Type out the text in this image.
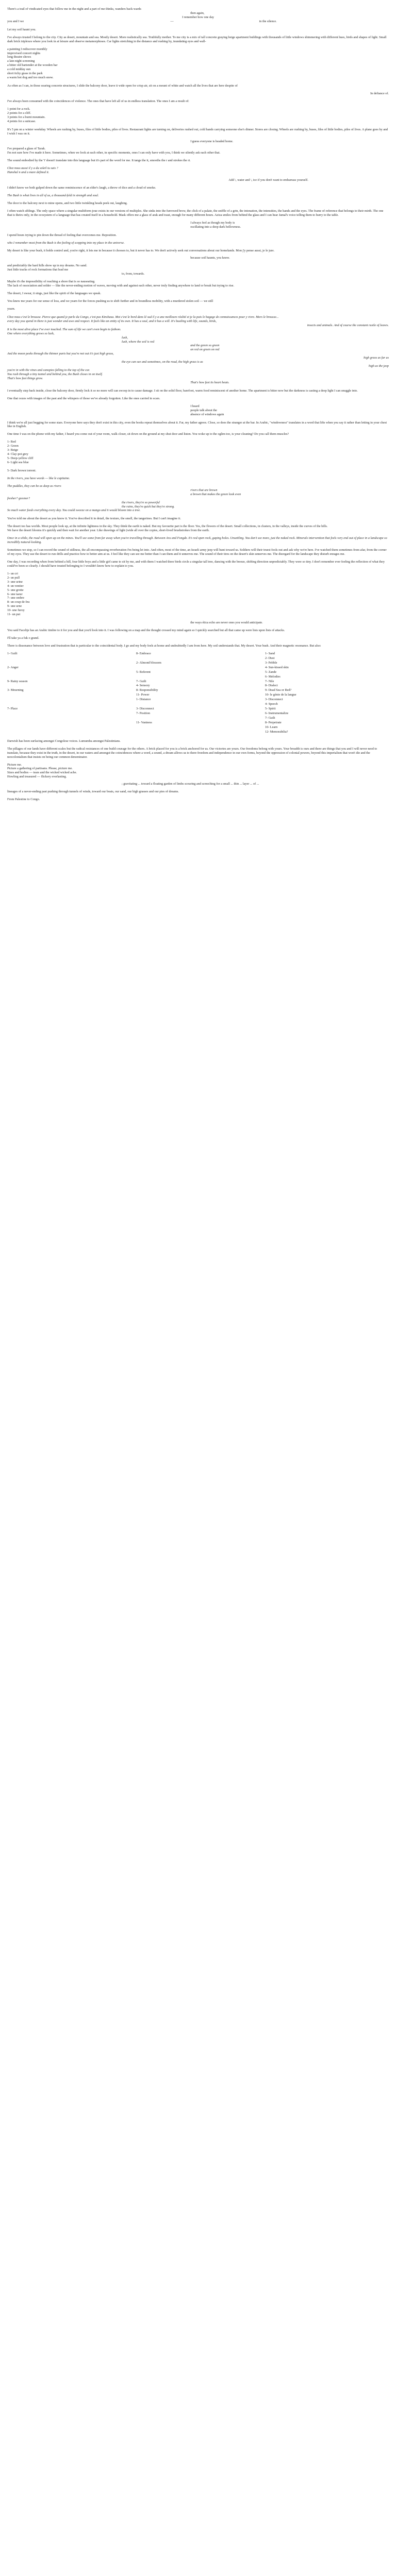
There's a trail of vindicated eyes that follow me in the night and a part of me thinks, wanders back-wards

then again,

I remember how one day

you and I we	—	in the silence.

Let my soil haunt you.

I've always trusted I belong to the city. City as desert, mountain and sea. Mostly desert. More realistically sea. Truthfully mother. To me city is a mix of tall concrete graying beige apartment buildings with thousands of little windows shimmering with different hues, birds and shapes of light. Small dark brick triplexes where you look in at leisure and observe metamorphoses. Car lights stretching in the distance and rushing by, inundating eyes and wall-

a painting I rediscover monthly
improvised concert nights
long theatre shows
a late-night screening
a bitter old bartender at the wooden bar
a cold midday sun
short itchy grass in the park
a warm hot dog and too much snow.

As often as I can, in those soaring concrete structures, I slide the balcony door, leave it wide open for crisp air, sit on a mount of white and watch all the lives that are here despite of

In defiance of.

I've always been consumed with the coincidences of violence. The ones that have left all of us in endless translation. The ones I am a result of:

1 point for a rock.
2 points for a cliff.
3 points for a burnt mountain.
4 points for a suitcase.

It's 5 pm on a winter weekday. Wheels are rushing by, buses, files of little bodies, piles of lives. Restaurant lights are turning on, deliveries rushed out, cold hands carrying someone else's dinner. Stores are closing. Wheels are rushing by, buses, files of little bodies, piles of lives. A plane goes by and I wish I was on it.

I guess everyone is headed home.

I've prepared a glass of Tarak.
I'm not sure how I've made it here. Sometimes, when we look at each other, in specific moments, ones I can only have with you, I think we silently ask each other that.

The sound embodied by the 'i' doesn't translate into this language but it's part of the word for me. It tangs the it, smooths the r and strokes the ri.

Chez nous aussi il y a du soleil tu sais ?
Hanshal n and a mare defined it.

Add \, water and \, ice if you don't want to embarrass yourself.

I didn't know we both gulped down the same reminiscence of an elder's laugh, a throw of dice and a cloud of smoke.

The Bush is what lives in all of us, a thousand-fold in strength and soul.

The door to the balcony next to mine opens, and two little twinkling heads peek out, laughing.

I often watch siblings. The only space where a singular multiform joue exists in our versions of multiples. She sinks into the furrowed brow, the click of a palate, the sniffle of a grin, the intonation, the intensities, the hands and the eyes. The frame of reference that belongs to their mirth. The one that is theirs only, in the ecosystem of a language that has created itself in a household. Mask offers me a glass of arak and toast, enough for many different hours. Aziza smiles from behind the glass and I can hear Jamal's voice telling them to hurry to the table.

I always feel as though my body is

oscillating into a deep dark hollowness.

I spend hours trying to pin down the thread of feeling that overcomes me. Reposition.

who I remember most from the Bush is the feeling of scopping into my place in the universe.

My desert is like your bush, it holds control and, you're right, it lets me in because it chooses to, but it never has to. We don't actively seek out conversations about our homelands. Mon j'y pense aussi, je le jure.

because soil haunts, you know.

and predictably the hard hills show up in my dreams. No sand.

Just little tracks of rock formations that lead me

to, from, towards.

Maybe it's the impossibility of reaching a shore that is so nauseating.
The lack of ossociation and solder — like the never-ending motion of waves, moving with and against each other, never truly finding anywhere to land or break but trying to rise.

The desert, I swear, it sings, just like the spirit of the languages we speak.

You knew me years for our sense of loss, and we yearn for the forces pushing us to shift further and in boundless mobility, with a murdered stolen soil — we still

yearn.

Chez nous c'est le brousse. Pierce que quand je parle du Congo, c'est pas Kinshasa. Moi c'est le bord dans lé sud il y a une meilleure réalité et je la pais le bagage de connaissances pour y vivre. Mors le brousse...

every day you spend in there is just wonder and awe and respect. It feels like an entity of its own. It has a soul, and it has a will. It's bustling with life, sounds, birds,

insects and animals. And of course the constant rustle of leaves.

It is the most alive place I've ever touched. The sum of life we can't even begin to fathom.

One where everything grows so lush,

lush,

lush, where the soil is red

and the green so green

on red on green on red

And the moon peeks through the thinner parts but you're not out it's just high grass,

high grass as far as

the eye can see and sometimes, on the road, the high grass is as

high as the jeep

you're in with the vines and canopies falling to the top of the car.

You rush through a tiny tunnel and behind you, the Bush closes in on itself.

That's how fast things grow.

That's how fast its heart beats.

I eventually step back inside, close the balcony door, firmly lock it so no more will can swoop in to cause damage. I sit on the solid floor, barefoot, warm food reminiscent of another home. The apartment is bitter now but the darkness is casting a deep light I can snuggle into.

One that oozes with images of the past and the whispers of those we've already forgotten. Like the ones carried in scars.

I heard

people talk about the

absence of windows again

I think we're all just begging for some stars. Everyone here says they don't exist in this city, even the books repeat themselves about it. Far, my father agrees. Close, so does the stranger at the bar. In Arabic, "windowness" translates in a word that lifts when you say it rather than letting in your chest like in English.

One time I was on the phone with my father, I heard you come out of your room, walk closer, sit down on the ground at my shut door and listen. You woke up to the oglim too, is your cleaning? Do you call them muscles?

1- Red
2- Green
3- Beige
4- Clay-pot grey
5- Deep-yellow cliff
6- Light sea blue

5- Dark brown torrent.

In the rivers, you have words — like le capitaine.

The puddles, they can be as deep as rivers

rivers that are brown

a brown that makes the green look even

fresher? greener?

the rivers, they're so powerful

the rains, they're quick but they're strong.

So much water feeds everything every day. You could sweeze on a mango and it would bloom into a tree.

You've told me about the desert as you know it. You've described it in detail, the texture, the smell, the tangerines. But I can't imagine it.

The desert too has worlds. Most people look up, at the infinite lightness in the sky. They think the earth is naked. But my favourite part is the floor. Yes, the flowers of the desert. Small collections, in clusters, in the valleys, inside the curves of the hills.
We have the desert blooms it's quickly and then wait for another year. Like drawings of light (wide all over the copies, short-lived brushstrokes from the earth.

Once in a while, the road will open up on the mines. You'll see some from far away when you're travelling through. Between Aru and Fongde. It's red open rock, gaping holes. Unsettling. You don't see more, just the naked rock. Minerals intervention that feels very end out of place in a landscape so incredibly natural-looking.

Sometimes we stop, so I can record the sound of stillness, the all-encompassing reverberation I'm being let into. And often, most of the time, an Israeli army jeep will hunt toward us. Soldiers will their truest fools out and ask why we're here. I've watched them sometimes from afar, from the corner of my eyes. They use the desert to run drills and practice how to better aim at us. I feel like they can see me better than I can them and it unnerves me. The sound of their tires on the desert's skin unnerves me. The disregard for the landscape they disturb enrages me.

One day, I was recording when from behind a hill, four little boys and a little girl came to sit by me, and with them I watched three birds circle a singular tall tree, dancing with the breeze, shifting direction unpredictably. They were so tiny. I don't remember ever feeling the reflection of what they could've been so clearly. I should have trusted belonging to I wouldn't know how to explain to you.

1- un cri
2- un pull
3- une urine
4- un ventier
5- une grotte
6- une taeur
7- une ombre
8- un coup de feu
9- une urne
10- une furoy
11- un put

the ways ética echo are never ones you would anticipate.

You said Facelije has an Arabic timbre to it for you and that you'd look into it. I was following on a map and the thought crossed my mind again so I quickly searched but all that came up were lists upon lists of attacks.

I'll take ya a fuk o grand.

There is dissonance between love and frustration that is particular to the coincidental body. I go and my body feels at home and undoubtedly I am from here. My soil understands that. My desert. Your bush. And their magnetic resonance. But also:

1- Guilt

2- Anger

9- Rainy season

3- Mourning

7- Place
8- Embrace

2- Almond blossom

5- Referent

7- Guilt
4- Sensory
8- Responsibility
11- Power
1- Distance

3- Disconnect
7- Position

11- Vastness
1- Sand
2- Dust
3- Pebble
4- Sun-kissed skin
5- Zande
6- Melodies
7- Nile
8- Dialect
9- Dead Sea or Red?
10- le génie de la langue
3- Disconnect
4- Speech
5- Spirit
6- Instrumentalize
7- Guilt
8- Perpetrate
10- Learn
12- Memorabilia?

Darwish has been surfacing amongst Congolese voices. Lumumba amongst Palestinians.

The pillages of our lands have different scales but the radical resistances of one build courage for the others. A brick placed for you is a brick anchored for us. Our victories are yours. Our freedoms belong with yours. Your breadth is ours and there are things that you and I will never need to translate, because they exist in the truth, in the desert, in our waters and amongst the coincidences where a word, a sound, a dream allows us to there freedom and independence in our own forms, beyond the oppression of colonial powers, beyond this imperialism that won't die and the neocolonialism that insists on being our common denominator.

Picture me.

Picture a gathering of partisans. Please, picture me.

Sizes and bodies — tears and the wicked wicked ache.

Howling and treasured — flickery everlasting.

; gravitating ... toward a floating garden of limbs scouring and screeching for a small ... thin ... layer ... of ...

lineages of a never-ending past pushing through tunnels of winds, toward our boats, our sand, our high grasses and our pies of dreams.

From Palestine to Congo.
